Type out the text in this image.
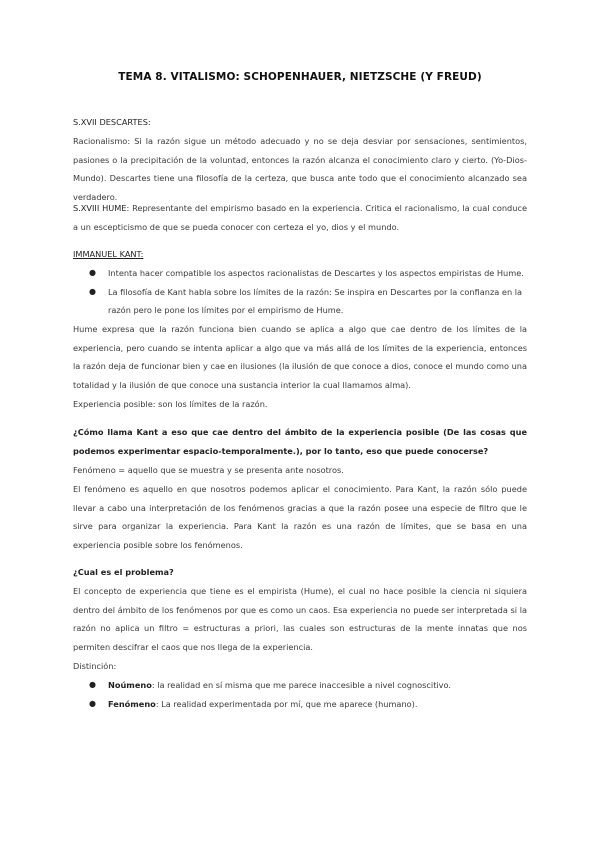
TEMA 8. VITALISMO: SCHOPENHAUER, NIETZSCHE (Y FREUD)
S.XVII DESCARTES:
Racionalismo: Si la razón sigue un método adecuado y no se deja desviar por sensaciones, sentimientos, pasiones o la precipitación de la voluntad, entonces la razón alcanza el conocimiento claro y cierto. (Yo-Dios-Mundo). Descartes tiene una filosofía de la certeza, que busca ante todo que el conocimiento alcanzado sea verdadero.
S.XVIII HUME: Representante del empirismo basado en la experiencia. Critica el racionalismo, la cual conduce a un escepticismo de que se pueda conocer con certeza el yo, dios y el mundo.
IMMANUEL KANT:
● Intenta hacer compatible los aspectos racionalistas de Descartes y los aspectos empiristas de Hume.
● La filosofía de Kant habla sobre los límites de la razón: Se inspira en Descartes por la confianza en la razón pero le pone los límites por el empirismo de Hume.
Hume expresa que la razón funciona bien cuando se aplica a algo que cae dentro de los límites de la experiencia, pero cuando se intenta aplicar a algo que va más allá de los límites de la experiencia, entonces la razón deja de funcionar bien y cae en ilusiones (la ilusión de que conoce a dios, conoce el mundo como una totalidad y la ilusión de que conoce una sustancia interior la cual llamamos alma).
Experiencia posible: son los límites de la razón.
¿Cómo llama Kant a eso que cae dentro del ámbito de la experiencia posible (De las cosas que podemos experimentar espacio-temporalmente.), por lo tanto, eso que puede conocerse?
Fenómeno = aquello que se muestra y se presenta ante nosotros.
El fenómeno es aquello en que nosotros podemos aplicar el conocimiento. Para Kant, la razón sólo puede llevar a cabo una interpretación de los fenómenos gracias a que la razón posee una especie de filtro que le sirve para organizar la experiencia. Para Kant la razón es una razón de límites, que se basa en una experiencia posible sobre los fenómenos.
¿Cual es el problema?
El concepto de experiencia que tiene es el empirista (Hume), el cual no hace posible la ciencia ni siquiera dentro del ámbito de los fenómenos por que es como un caos. Esa experiencia no puede ser interpretada si la razón no aplica un filtro = estructuras a priori, las cuales son estructuras de la mente innatas que nos permiten descifrar el caos que nos llega de la experiencia.
Distinción:
● Noúmeno: la realidad en sí misma que me parece inaccesible a nivel cognoscitivo.
● Fenómeno: La realidad experimentada por mí, que me aparece (humano).
